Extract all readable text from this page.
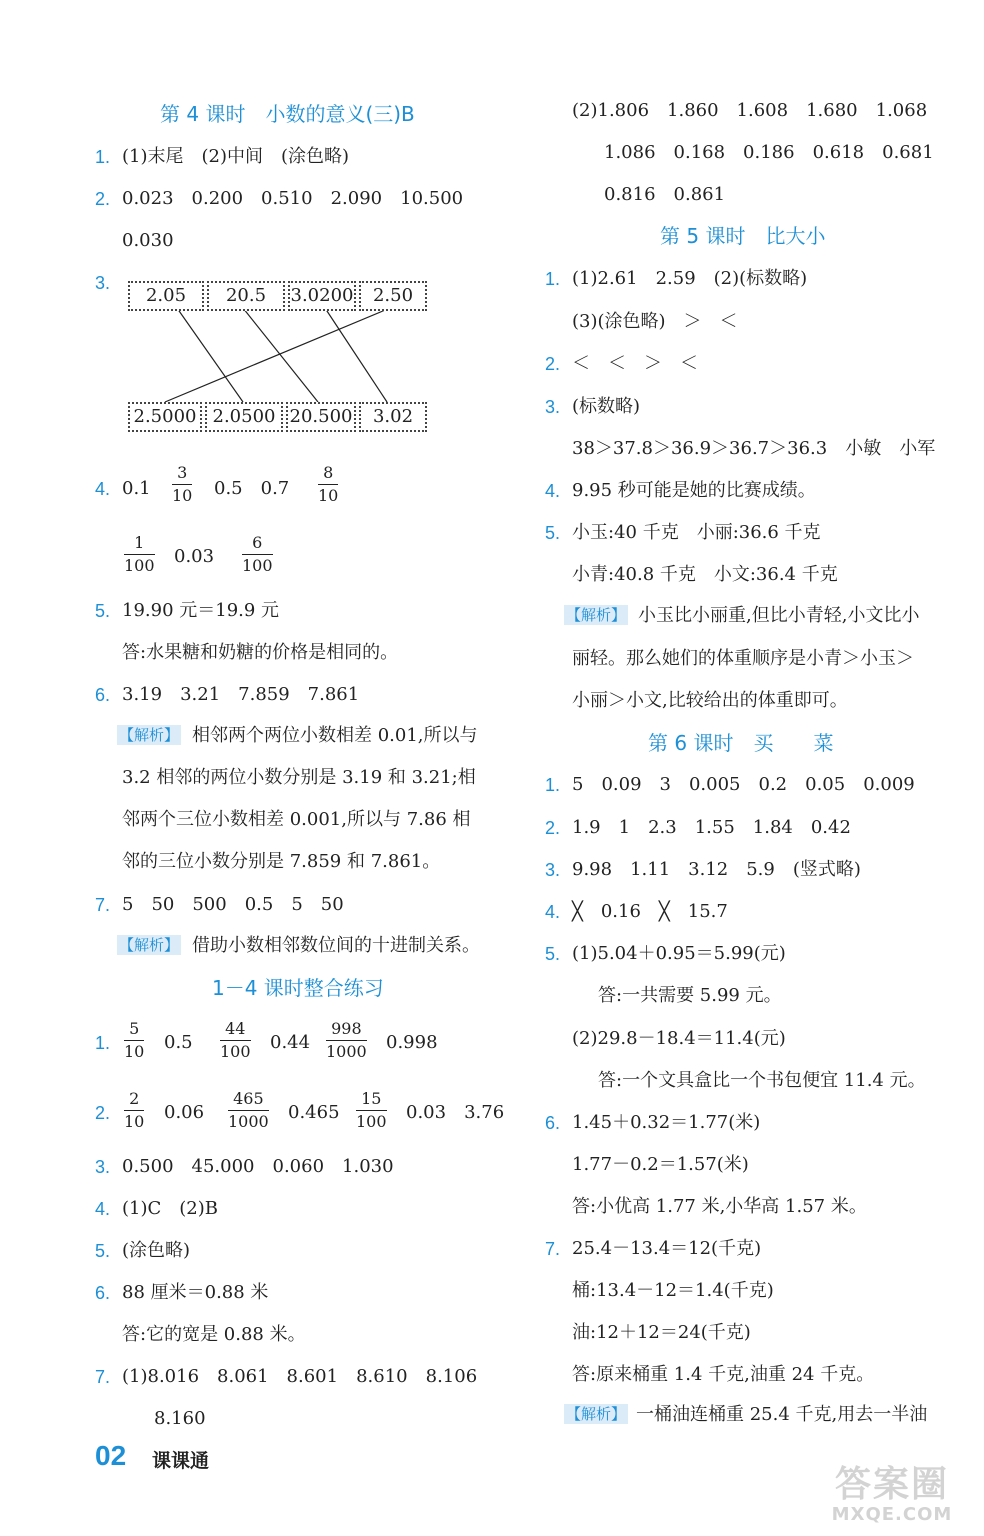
第 4 课时　小数的意义(三)B
1. (1)末尾　(2)中间　(涂色略)
2. 0.023　0.200　0.510　2.090　10.500
0.030
3.
2.05	20.5	3.0200	2.50
2.5000 2.0500 20.500	3.02
4. 0.1
3
10 0.5　0.7
8
10
1
100 0.03
6
100
5. 19.90 元＝19.9 元
答:水果糖和奶糖的价格是相同的。
6. 3.19　3.21　7.859　7.861
【解析】 相邻两个两位小数相差 0.01,所以与
3.2 相邻的两位小数分别是 3.19 和 3.21;相
邻两个三位小数相差 0.001,所以与 7.86 相
邻的三位小数分别是 7.859 和 7.861。
7. 5　50　500　0.5　5　50
【解析】 借助小数相邻数位间的十进制关系。
1－4 课时整合练习
1.
5
10 0.5
44
100 0.44
998
1000 0.998
2.
2
10 0.06
465
1000 0.465
15
100 0.03　3.76
3. 0.500　45.000　0.060　1.030
4. (1)C　(2)B
5. (涂色略)
6. 88 厘米＝0.88 米
答:它的宽是 0.88 米。
7. (1)8.016　8.061　8.601　8.610　8.106
8.160
(2)1.806　1.860　1.608　1.680　1.068
1.086　0.168　0.186　0.618　0.681
0.816　0.861
第 5 课时　比大小
1. (1)2.61　2.59　(2)(标数略)
(3)(涂色略)　＞　＜
2. ＜　＜　＞　＜
3. (标数略)
38＞37.8＞36.9＞36.7＞36.3　小敏　小军
4. 9.95 秒可能是她的比赛成绩。
5. 小玉:40 千克　小丽:36.6 千克
小青:40.8 千克　小文:36.4 千克
【解析】 小玉比小丽重,但比小青轻,小文比小
丽轻。那么她们的体重顺序是小青＞小玉＞
小丽＞小文,比较给出的体重即可。
第 6 课时　买　　菜
1. 5　0.09　3　0.005　0.2　0.05　0.009
2. 1.9　1　2.3　1.55　1.84　0.42
3. 9.98　1.11　3.12　5.9　(竖式略)
4. ╳　0.16　╳　15.7
5. (1)5.04＋0.95＝5.99(元)
答:一共需要 5.99 元。
(2)29.8－18.4＝11.4(元)
答:一个文具盒比一个书包便宜 11.4 元。
6. 1.45＋0.32＝1.77(米)
1.77－0.2＝1.57(米)
答:小优高 1.77 米,小华高 1.57 米。
7. 25.4－13.4＝12(千克)
桶:13.4－12＝1.4(千克)
油:12＋12＝24(千克)
答:原来桶重 1.4 千克,油重 24 千克。
【解析】 一桶油连桶重 25.4 千克,用去一半油
02 课课通
答案圈
MXQE.COM
